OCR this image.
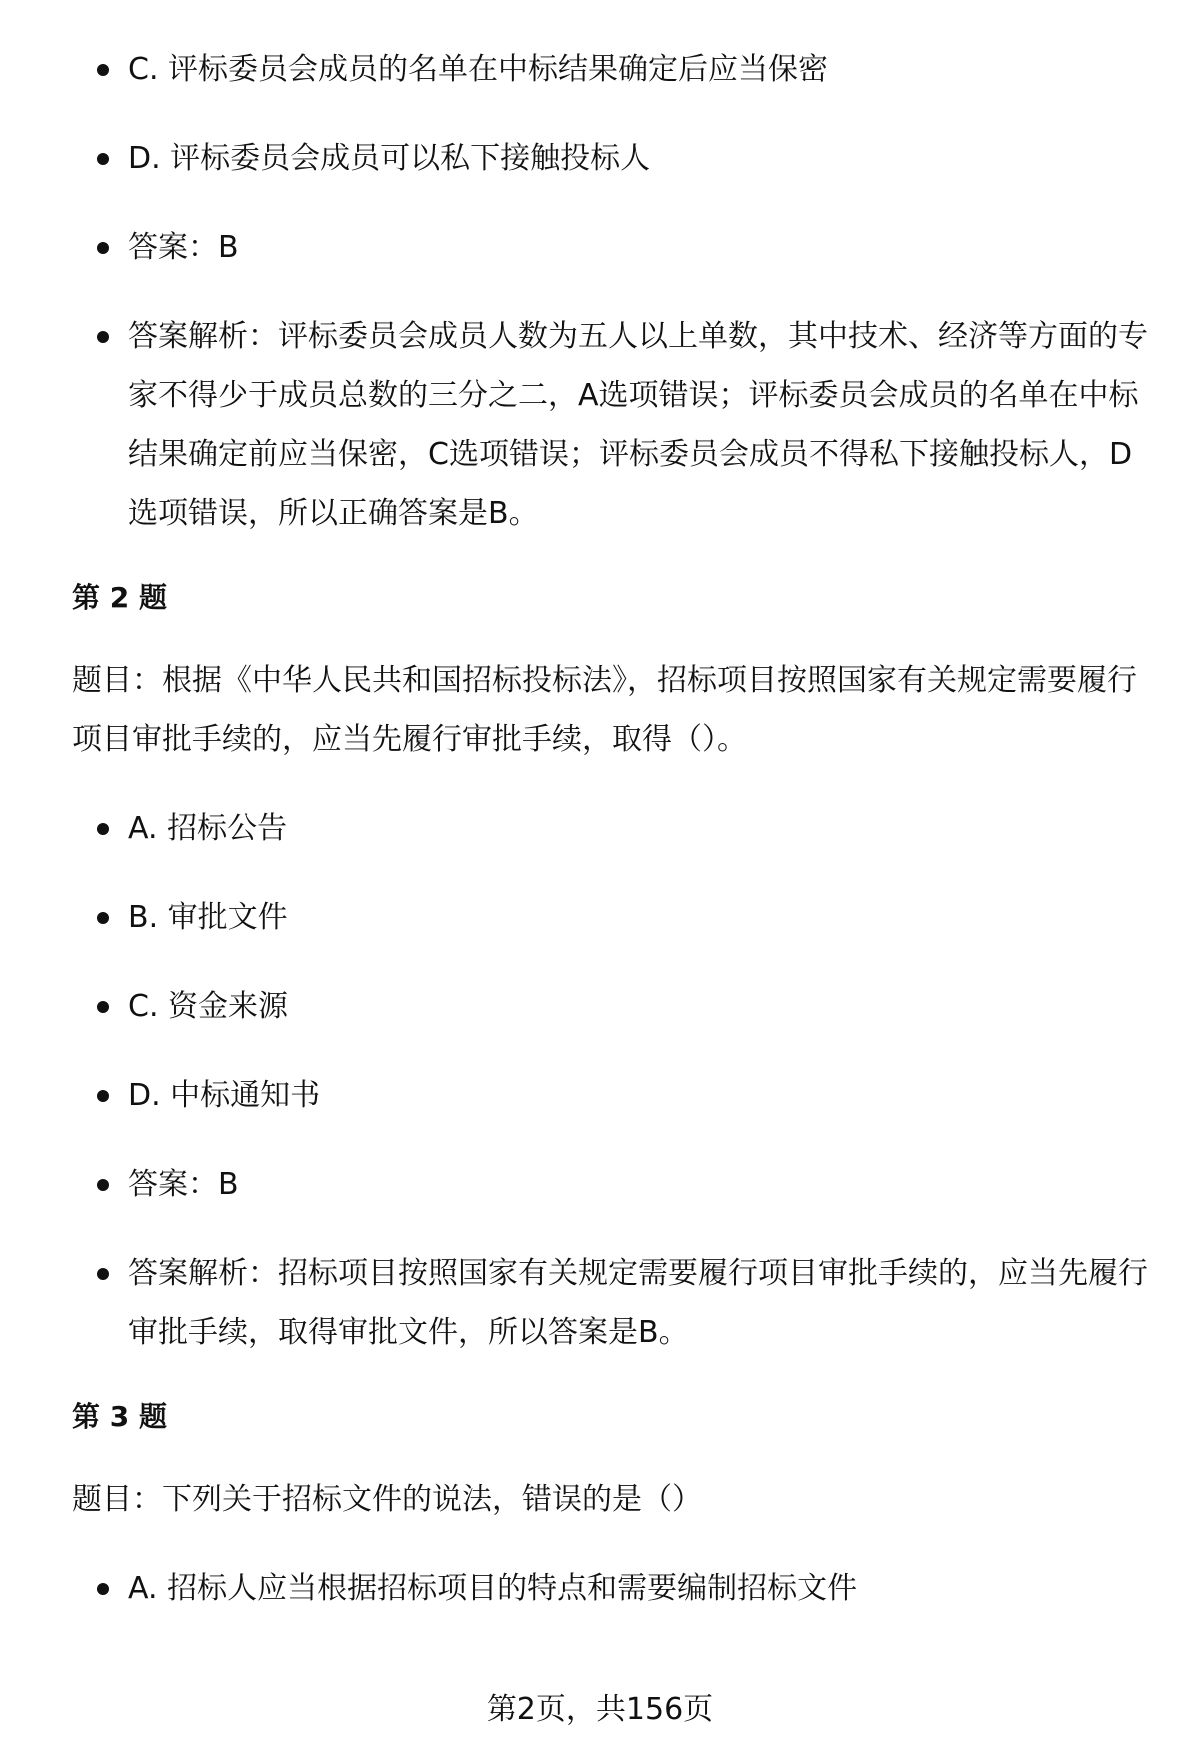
C. 评标委员会成员的名单在中标结果确定后应当保密
D. 评标委员会成员可以私下接触投标人
答案：B
答案解析：评标委员会成员人数为五人以上单数，其中技术、经济等方面的专家不得少于成员总数的三分之二，A选项错误；评标委员会成员的名单在中标结果确定前应当保密，C选项错误；评标委员会成员不得私下接触投标人，D选项错误，所以正确答案是B。
第 2 题
题目：根据《中华人民共和国招标投标法》，招标项目按照国家有关规定需要履行项目审批手续的，应当先履行审批手续，取得（）。
A. 招标公告
B. 审批文件
C. 资金来源
D. 中标通知书
答案：B
答案解析：招标项目按照国家有关规定需要履行项目审批手续的，应当先履行审批手续，取得审批文件，所以答案是B。
第 3 题
题目：下列关于招标文件的说法，错误的是（）
A. 招标人应当根据招标项目的特点和需要编制招标文件
第2页，共156页
